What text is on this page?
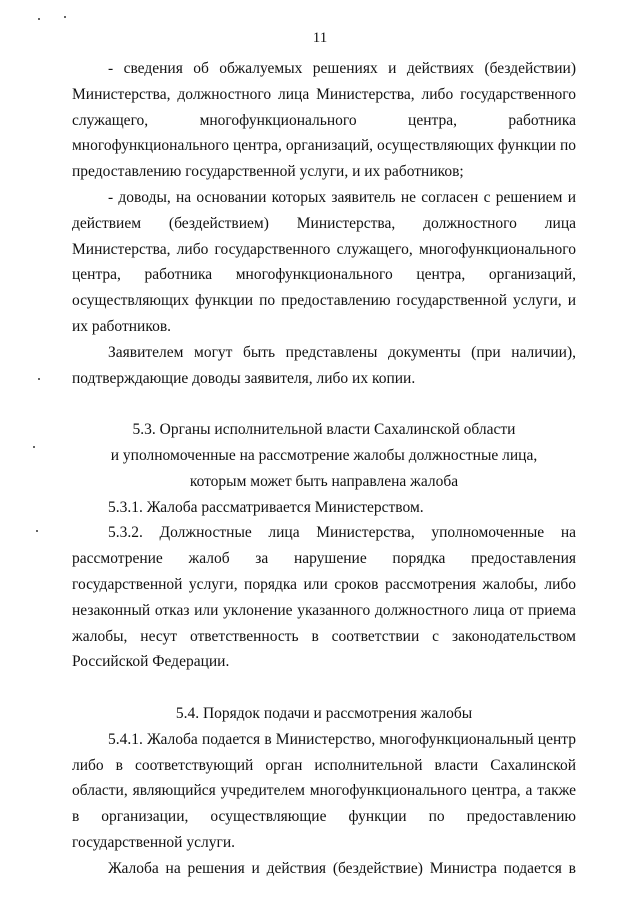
11

- сведения об обжалуемых решениях и действиях (бездействии) Министерства, должностного лица Министерства, либо государственного служащего, многофункционального центра, работника многофункционального центра, организаций, осуществляющих функции по предоставлению государственной услуги, и их работников;

- доводы, на основании которых заявитель не согласен с решением и действием (бездействием) Министерства, должностного лица Министерства, либо государственного служащего, многофункционального центра, работника многофункционального центра, организаций, осуществляющих функции по предоставлению государственной услуги, и их работников.

Заявителем могут быть представлены документы (при наличии), подтверждающие доводы заявителя, либо их копии.

5.3. Органы исполнительной власти Сахалинской области

и уполномоченные на рассмотрение жалобы должностные лица,

которым может быть направлена жалоба

5.3.1. Жалоба рассматривается Министерством.

5.3.2. Должностные лица Министерства, уполномоченные на рассмотрение жалоб за нарушение порядка предоставления государственной услуги, порядка или сроков рассмотрения жалобы, либо незаконный отказ или уклонение указанного должностного лица от приема жалобы, несут ответственность в соответствии с законодательством Российской Федерации.

5.4. Порядок подачи и рассмотрения жалобы

5.4.1. Жалоба подается в Министерство, многофункциональный центр либо в соответствующий орган исполнительной власти Сахалинской области, являющийся учредителем многофункционального центра, а также в организации, осуществляющие функции по предоставлению государственной услуги.

Жалоба на решения и действия (бездействие) Министра подается в
